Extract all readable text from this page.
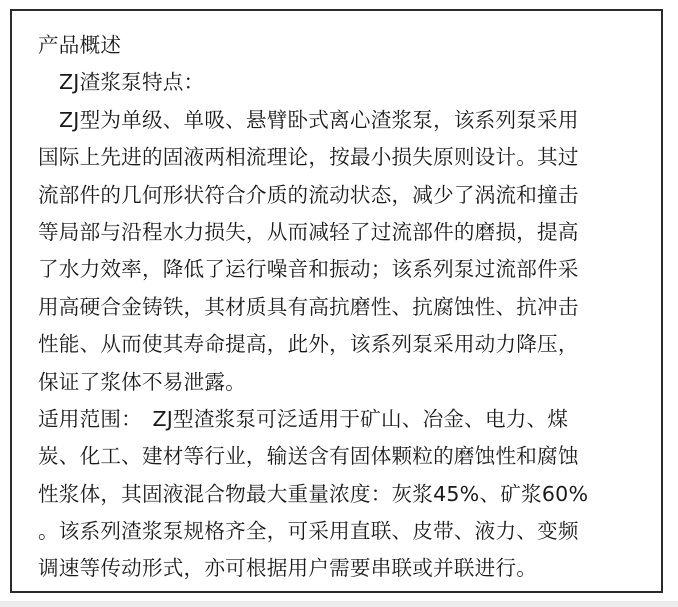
产品概述
ZJ渣浆泵特点：
ZJ型为单级、单吸、悬臂卧式离心渣浆泵，该系列泵采用
国际上先进的固液两相流理论，按最小损失原则设计。其过
流部件的几何形状符合介质的流动状态，减少了涡流和撞击
等局部与沿程水力损失，从而减轻了过流部件的磨损，提高
了水力效率，降低了运行噪音和振动；该系列泵过流部件采
用高硬合金铸铁，其材质具有高抗磨性、抗腐蚀性、抗冲击
性能、从而使其寿命提高，此外，该系列泵采用动力降压，
保证了浆体不易泄露。
适用范围：　ZJ型渣浆泵可泛适用于矿山、冶金、电力、煤
炭、化工、建材等行业，输送含有固体颗粒的磨蚀性和腐蚀
性浆体，其固液混合物最大重量浓度：灰浆45%、矿浆60%
。该系列渣浆泵规格齐全，可采用直联、皮带、液力、变频
调速等传动形式，亦可根据用户需要串联或并联进行。
